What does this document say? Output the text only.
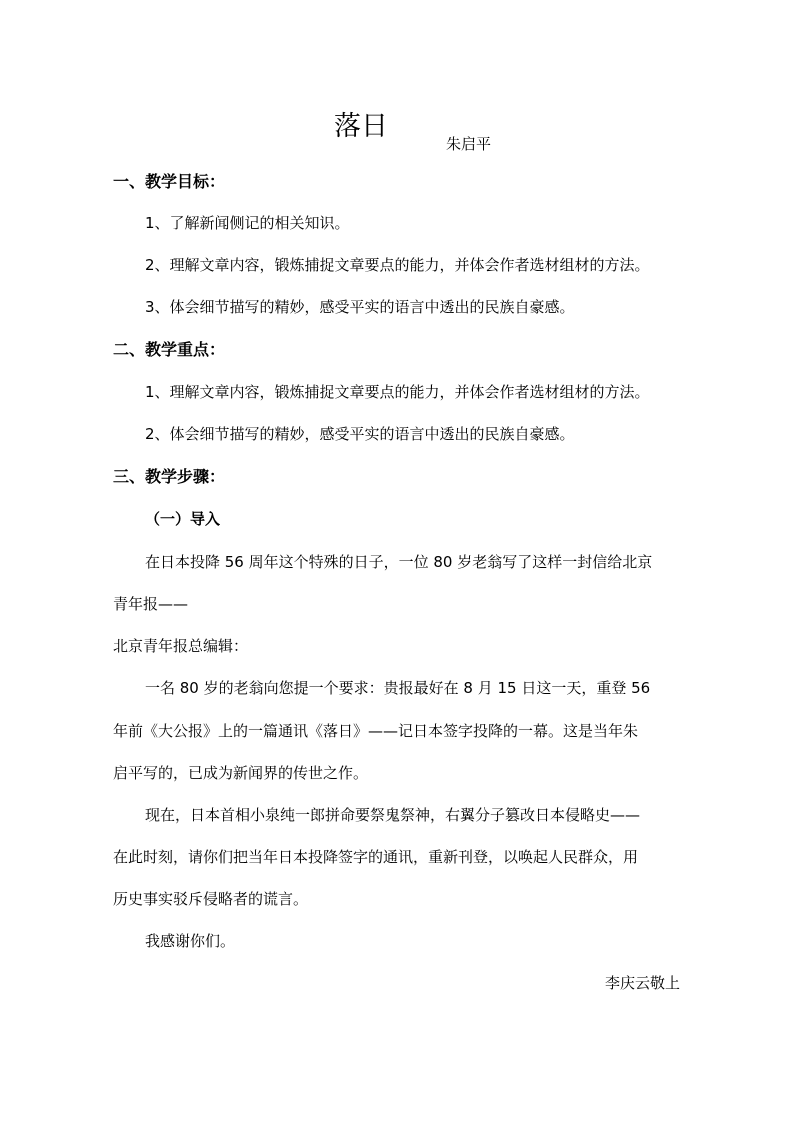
落日
朱启平
一、教学目标：
1、了解新闻侧记的相关知识。
2、理解文章内容，锻炼捕捉文章要点的能力，并体会作者选材组材的方法。
3、体会细节描写的精妙，感受平实的语言中透出的民族自豪感。
二、教学重点：
1、理解文章内容，锻炼捕捉文章要点的能力，并体会作者选材组材的方法。
2、体会细节描写的精妙，感受平实的语言中透出的民族自豪感。
三、教学步骤：
（一）导入
在日本投降 56 周年这个特殊的日子，一位 80 岁老翁写了这样一封信给北京
青年报——
北京青年报总编辑：
一名 80 岁的老翁向您提一个要求：贵报最好在 8 月 15 日这一天，重登 56
年前《大公报》上的一篇通讯《落日》——记日本签字投降的一幕。这是当年朱
启平写的，已成为新闻界的传世之作。
现在，日本首相小泉纯一郎拼命要祭鬼祭神，右翼分子篡改日本侵略史——
在此时刻，请你们把当年日本投降签字的通讯，重新刊登，以唤起人民群众，用
历史事实驳斥侵略者的谎言。
我感谢你们。
李庆云敬上
